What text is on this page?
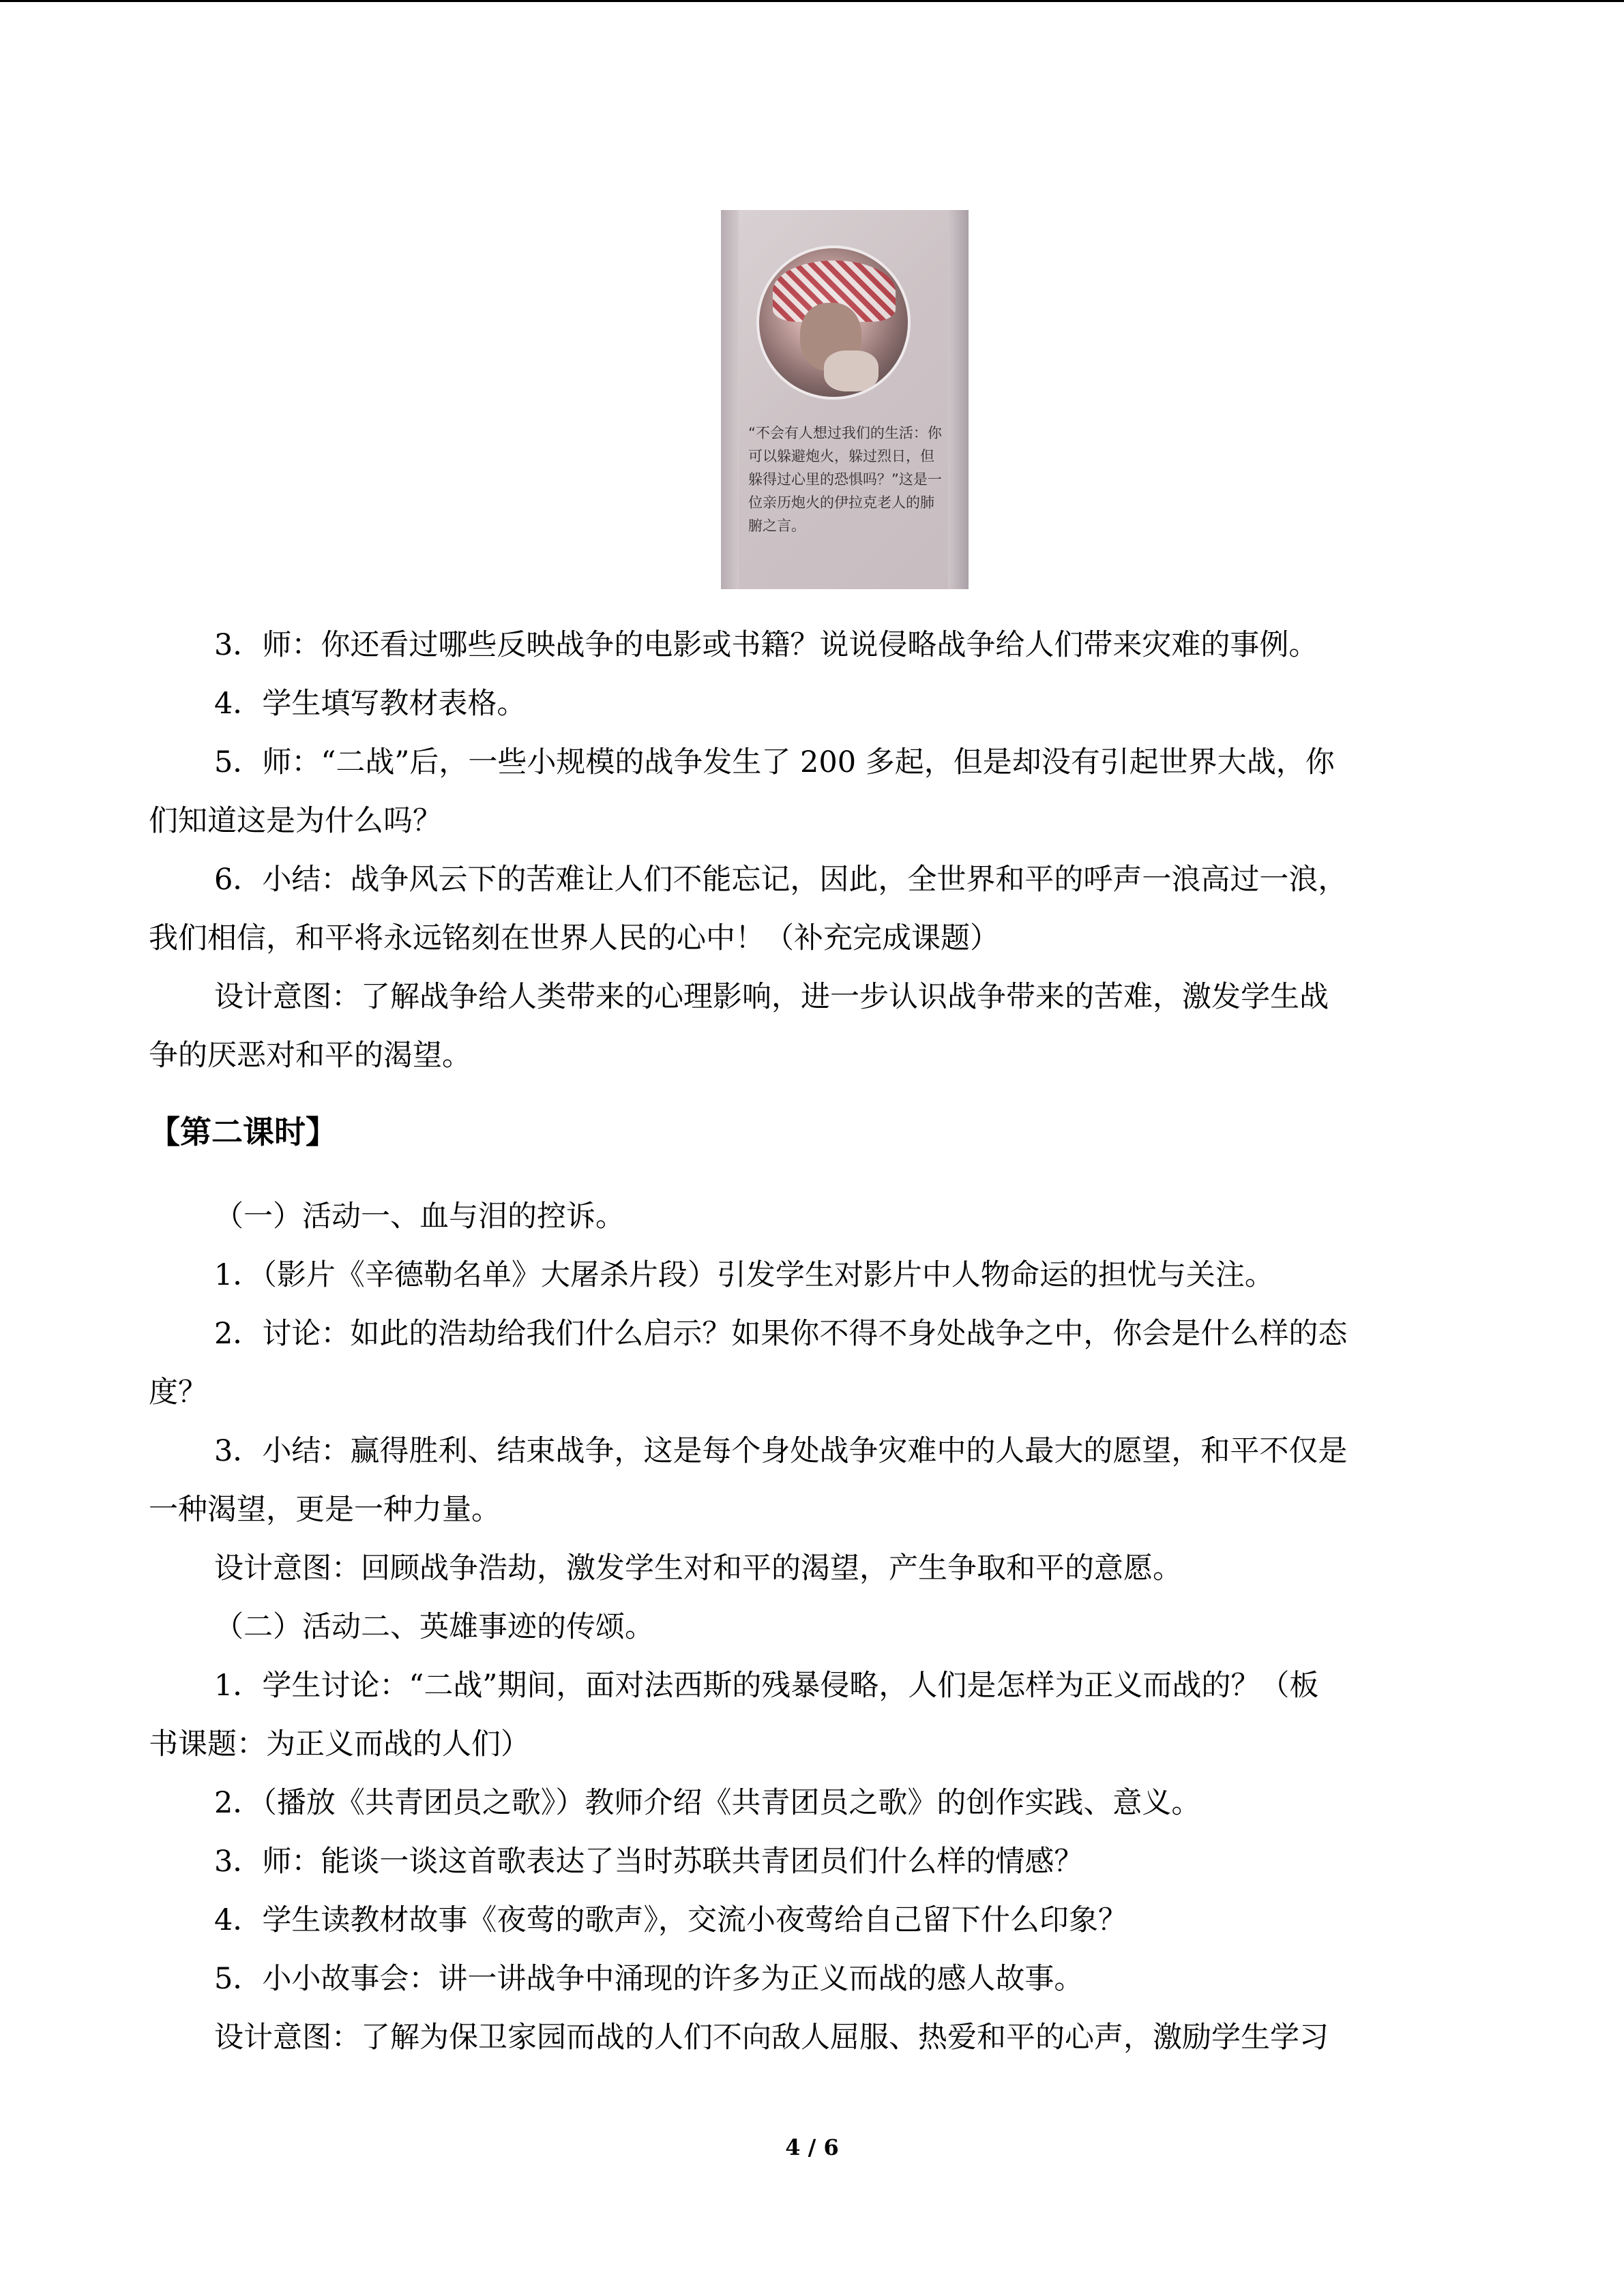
“不会有人想过我们的生活：你可以躲避炮火，躲过烈日，但躲得过心里的恐惧吗？”这是一位亲历炮火的伊拉克老人的肺腑之言。
3．师：你还看过哪些反映战争的电影或书籍？说说侵略战争给人们带来灾难的事例。
4．学生填写教材表格。
5．师：“二战”后，一些小规模的战争发生了 200 多起，但是却没有引起世界大战，你
们知道这是为什么吗？
6．小结：战争风云下的苦难让人们不能忘记，因此，全世界和平的呼声一浪高过一浪，
我们相信，和平将永远铭刻在世界人民的心中！（补充完成课题）
设计意图：了解战争给人类带来的心理影响，进一步认识战争带来的苦难，激发学生战
争的厌恶对和平的渴望。
【第二课时】
（一）活动一、血与泪的控诉。
1．（影片《辛德勒名单》大屠杀片段）引发学生对影片中人物命运的担忧与关注。
2．讨论：如此的浩劫给我们什么启示？如果你不得不身处战争之中，你会是什么样的态
度？
3．小结：赢得胜利、结束战争，这是每个身处战争灾难中的人最大的愿望，和平不仅是
一种渴望，更是一种力量。
设计意图：回顾战争浩劫，激发学生对和平的渴望，产生争取和平的意愿。
（二）活动二、英雄事迹的传颂。
1．学生讨论：“二战”期间，面对法西斯的残暴侵略，人们是怎样为正义而战的？（板
书课题：为正义而战的人们）
2．（播放《共青团员之歌》）教师介绍《共青团员之歌》的创作实践、意义。
3．师：能谈一谈这首歌表达了当时苏联共青团员们什么样的情感？
4．学生读教材故事《夜莺的歌声》，交流小夜莺给自己留下什么印象？
5．小小故事会：讲一讲战争中涌现的许多为正义而战的感人故事。
设计意图：了解为保卫家园而战的人们不向敌人屈服、热爱和平的心声，激励学生学习
4 / 6
